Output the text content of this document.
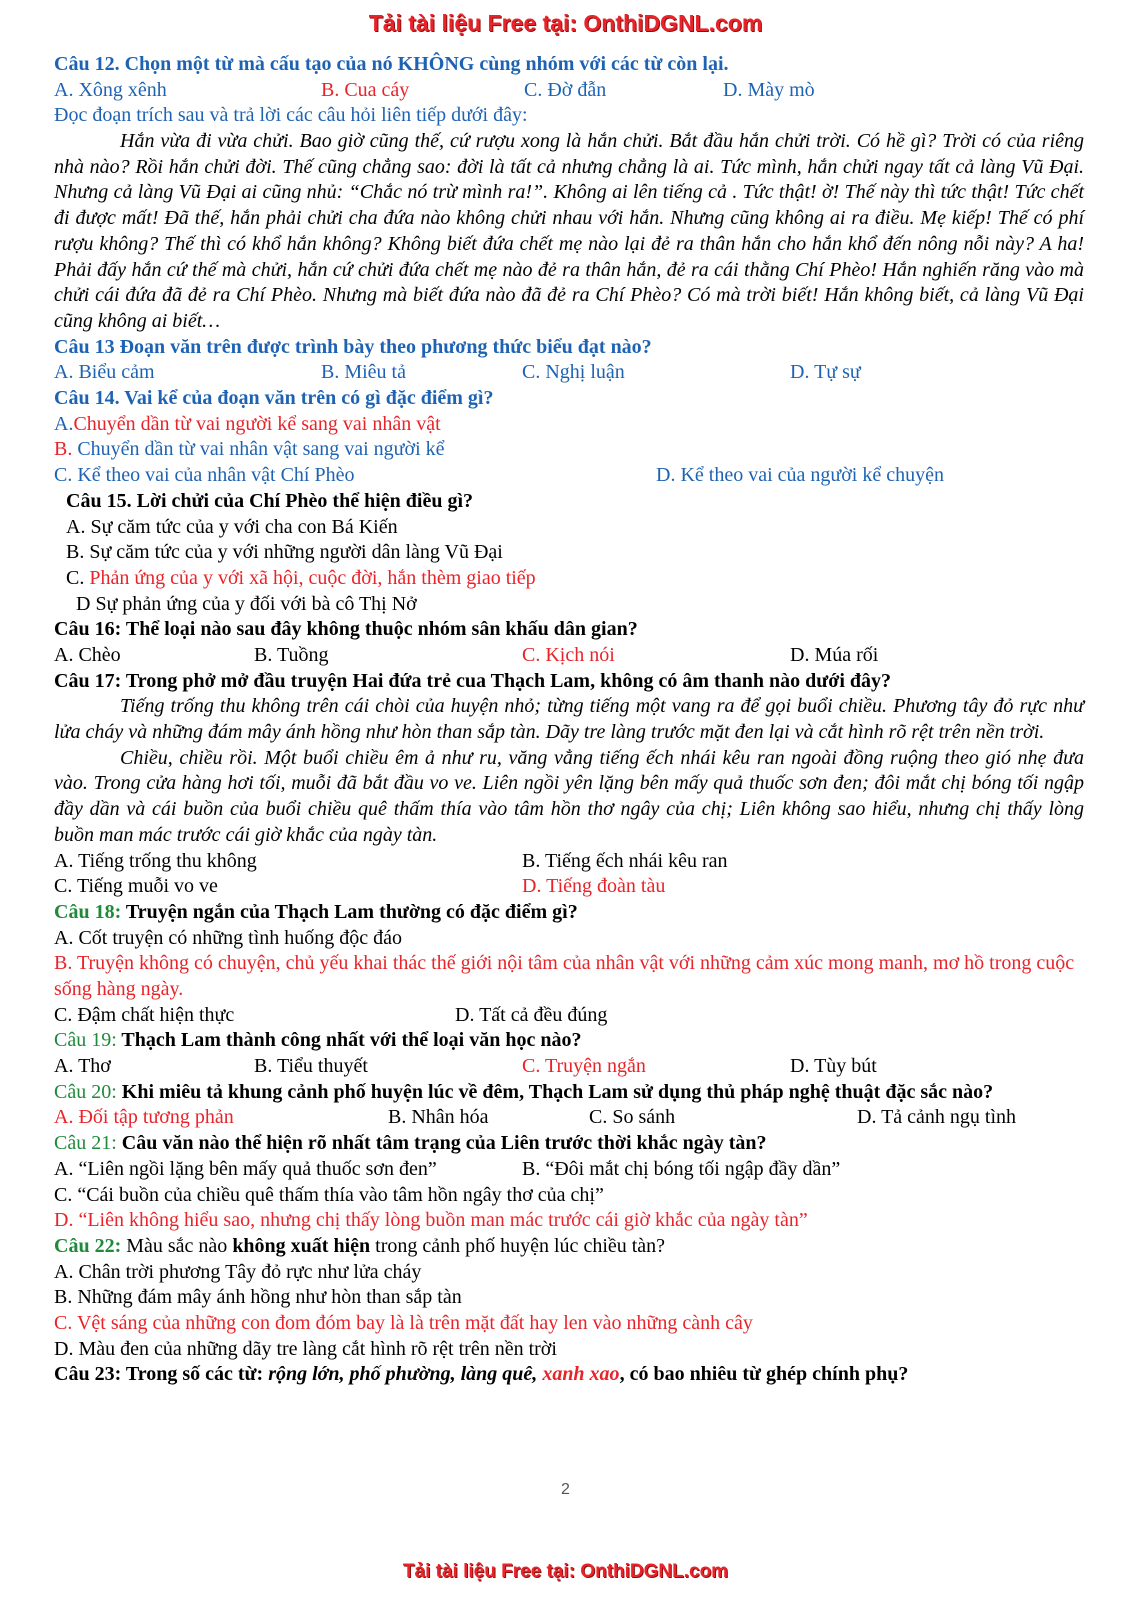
Tải tài liệu Free tại: OnthiDGNL.com
Câu 12. Chọn một từ mà cấu tạo của nó KHÔNG cùng nhóm với các từ còn lại.
A. Xông xênh	B. Cua cáy	C. Đờ đẫn	D. Mày mò
Đọc đoạn trích sau và trả lời các câu hỏi liên tiếp dưới đây:

Hắn vừa đi vừa chửi. Bao giờ cũng thế, cứ rượu xong là hắn chửi. Bắt đầu hắn chửi trời. Có hề gì? Trời có của riêng nhà nào? Rồi hắn chửi đời. Thế cũng chẳng sao: đời là tất cả nhưng chẳng là ai. Tức mình, hắn chửi ngay tất cả làng Vũ Đại. Nhưng cả làng Vũ Đại ai cũng nhủ: “Chắc nó trừ mình ra!”. Không ai lên tiếng cả . Tức thật! ờ! Thế này thì tức thật! Tức chết đi được mất! Đã thế, hắn phải chửi cha đứa nào không chửi nhau với hắn. Nhưng cũng không ai ra điều. Mẹ kiếp! Thế có phí rượu không? Thế thì có khổ hắn không? Không biết đứa chết mẹ nào lại đẻ ra thân hắn cho hắn khổ đến nông nỗi này? A ha! Phải đấy hắn cứ thế mà chửi, hắn cứ chửi đứa chết mẹ nào đẻ ra thân hắn, đẻ ra cái thằng Chí Phèo! Hắn nghiến răng vào mà chửi cái đứa đã đẻ ra Chí Phèo. Nhưng mà biết đứa nào đã đẻ ra Chí Phèo? Có mà trời biết! Hắn không biết, cả làng Vũ Đại cũng không ai biết…

Câu 13 Đoạn văn trên được trình bày theo phương thức biểu đạt nào?
A. Biểu cảm	B. Miêu tả	C. Nghị luận	D. Tự sự
Câu 14. Vai kể của đoạn văn trên có gì đặc điểm gì?
A.Chuyển dần từ vai người kể sang vai nhân vật
B. Chuyển dần từ vai nhân vật sang vai người kể
C. Kể theo vai của nhân vật Chí Phèo	D. Kể theo vai của người kể chuyện
Câu 15. Lời chửi của Chí Phèo thể hiện điều gì?
A. Sự căm tức của y với cha con Bá Kiến
B. Sự căm tức của y với những người dân làng Vũ Đại
C. Phản ứng của y với xã hội, cuộc đời, hắn thèm giao tiếp
D Sự phản ứng của y đối với bà cô Thị Nở
Câu 16: Thể loại nào sau đây không thuộc nhóm sân khấu dân gian?
A. Chèo	B. Tuồng	C. Kịch nói	D. Múa rối
Câu 17: Trong phở mở đầu truyện Hai đứa trẻ cua Thạch Lam, không có âm thanh nào dưới đây?

Tiếng trống thu không trên cái chòi của huyện nhỏ; từng tiếng một vang ra để gọi buổi chiều. Phương tây đỏ rực như lửa cháy và những đám mây ánh hồng như hòn than sắp tàn. Dãy tre làng trước mặt đen lại và cắt hình rõ rệt trên nền trời.

Chiều, chiều rồi. Một buổi chiều êm ả như ru, văng vẳng tiếng ếch nhái kêu ran ngoài đồng ruộng theo gió nhẹ đưa vào. Trong cửa hàng hơi tối, muỗi đã bắt đầu vo ve. Liên ngồi yên lặng bên mấy quả thuốc sơn đen; đôi mắt chị bóng tối ngập đầy dần và cái buồn của buổi chiều quê thấm thía vào tâm hồn thơ ngây của chị; Liên không sao hiểu, nhưng chị thấy lòng buồn man mác trước cái giờ khắc của ngày tàn.

A. Tiếng trống thu không	B. Tiếng ếch nhái kêu ran
C. Tiếng muỗi vo ve	D. Tiếng đoàn tàu
Câu 18: Truyện ngắn của Thạch Lam thường có đặc điểm gì?
A. Cốt truyện có những tình huống độc đáo
B. Truyện không có chuyện, chủ yếu khai thác thế giới nội tâm của nhân vật với những cảm xúc mong manh, mơ hồ trong cuộc sống hàng ngày.
C. Đậm chất hiện thực	D. Tất cả đều đúng
Câu 19: Thạch Lam thành công nhất với thể loại văn học nào?
A. Thơ	B. Tiểu thuyết	C. Truyện ngắn	D. Tùy bút
Câu 20: Khi miêu tả khung cảnh phố huyện lúc về đêm, Thạch Lam sử dụng thủ pháp nghệ thuật đặc sắc nào?
A. Đối tập tương phản	B. Nhân hóa	C. So sánh	D. Tả cảnh ngụ tình
Câu 21: Câu văn nào thể hiện rõ nhất tâm trạng của Liên trước thời khắc ngày tàn?
A. “Liên ngồi lặng bên mấy quả thuốc sơn đen”	B. “Đôi mắt chị bóng tối ngập đầy dần”
C. “Cái buồn của chiều quê thấm thía vào tâm hồn ngây thơ của chị”
D. “Liên không hiểu sao, nhưng chị thấy lòng buồn man mác trước cái giờ khắc của ngày tàn”
Câu 22: Màu sắc nào không xuất hiện trong cảnh phố huyện lúc chiều tàn?
A. Chân trời phương Tây đỏ rực như lửa cháy
B. Những đám mây ánh hồng như hòn than sắp tàn
C. Vệt sáng của những con đom đóm bay là là trên mặt đất hay len vào những cành cây
D. Màu đen của những dãy tre làng cắt hình rõ rệt trên nền trời
Câu 23: Trong số các từ: rộng lớn, phố phường, làng quê, xanh xao, có bao nhiêu từ ghép chính phụ?
2
Tải tài liệu Free tại: OnthiDGNL.com
